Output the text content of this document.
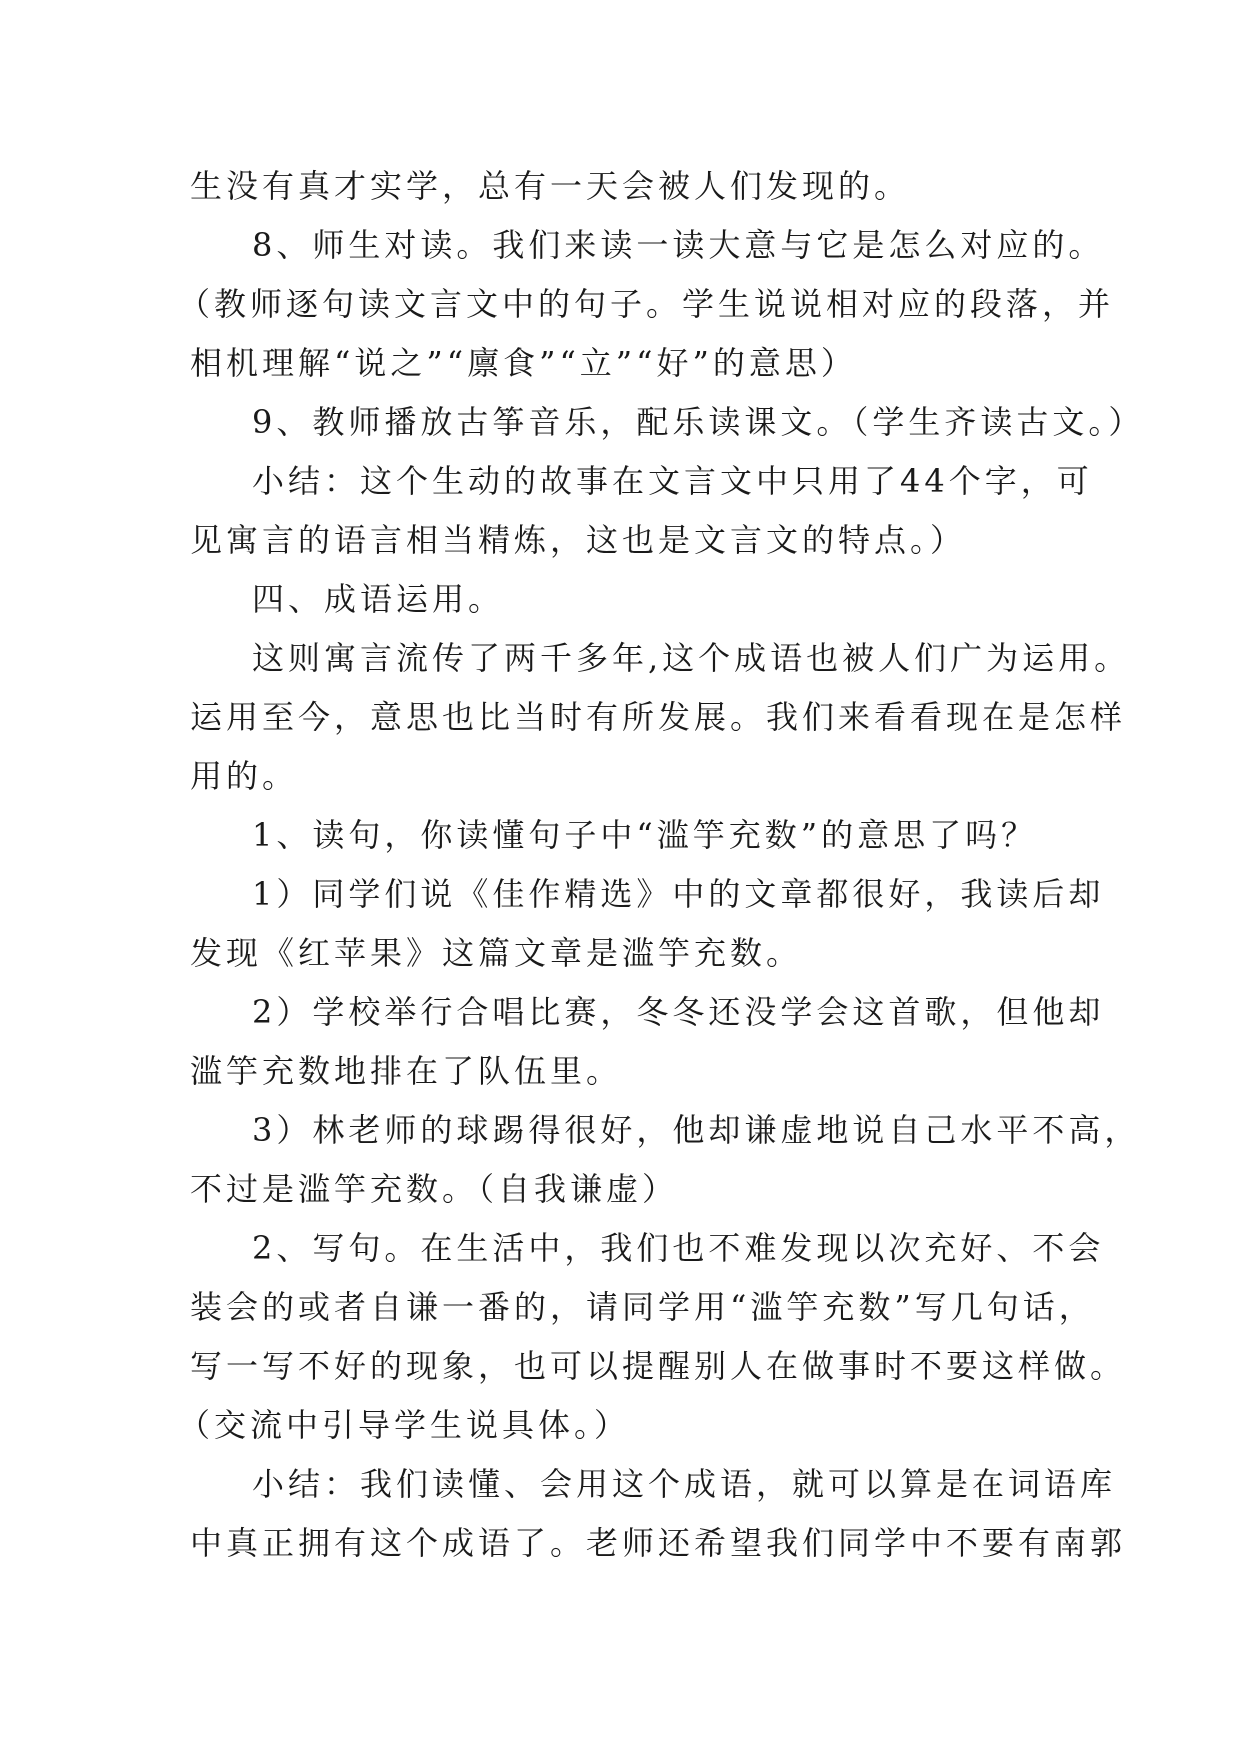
生没有真才实学，总有一天会被人们发现的。
8、师生对读。我们来读一读大意与它是怎么对应的。
（教师逐句读文言文中的句子。学生说说相对应的段落，并
相机理解“说之”“廪食”“立”“好”的意思）
9、教师播放古筝音乐，配乐读课文。（学生齐读古文。）
小结：这个生动的故事在文言文中只用了44个字，可
见寓言的语言相当精炼，这也是文言文的特点。）
四、成语运用。
这则寓言流传了两千多年,这个成语也被人们广为运用。
运用至今，意思也比当时有所发展。我们来看看现在是怎样
用的。
1、读句，你读懂句子中“滥竽充数”的意思了吗？
1）同学们说《佳作精选》中的文章都很好，我读后却
发现《红苹果》这篇文章是滥竽充数。
2）学校举行合唱比赛，冬冬还没学会这首歌，但他却
滥竽充数地排在了队伍里。
3）林老师的球踢得很好，他却谦虚地说自己水平不高，
不过是滥竽充数。（自我谦虚）
2、写句。在生活中，我们也不难发现以次充好、不会
装会的或者自谦一番的，请同学用“滥竽充数”写几句话，
写一写不好的现象，也可以提醒别人在做事时不要这样做。
（交流中引导学生说具体。）
小结：我们读懂、会用这个成语，就可以算是在词语库
中真正拥有这个成语了。老师还希望我们同学中不要有南郭
